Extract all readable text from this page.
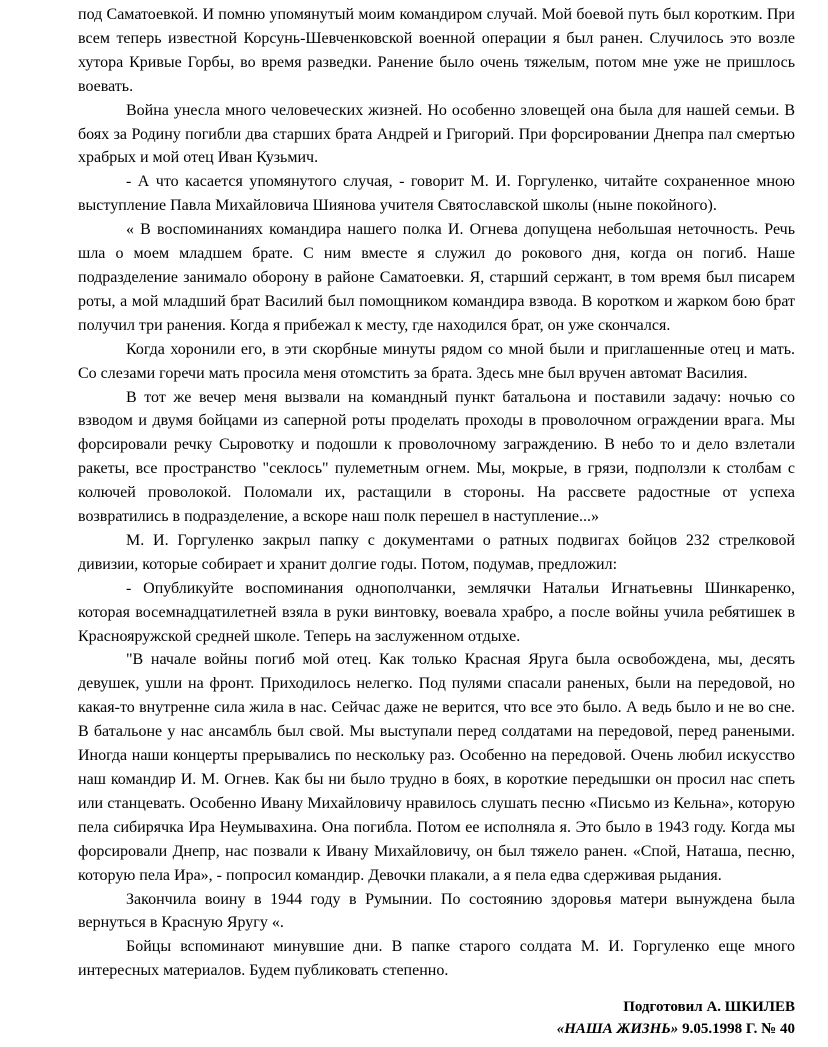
под Саматоевкой. И помню упомянутый моим командиром случай. Мой боевой путь был коротким. При всем теперь известной Корсунь-Шевченковской военной операции я был ранен. Случилось это возле хутора Кривые Горбы, во время разведки. Ранение было очень тяжелым, потом мне уже не пришлось воевать.

Война унесла много человеческих жизней. Но особенно зловещей она была для нашей семьи. В боях за Родину погибли два старших брата Андрей и Григорий. При форсировании Днепра пал смертью храбрых и мой отец Иван Кузьмич.

- А что касается упомянутого случая, - говорит М. И. Горгуленко, читайте сохраненное мною выступление Павла Михайловича Шиянова учителя Святославской школы (ныне покойного).

« В воспоминаниях командира нашего полка И. Огнева допущена небольшая неточность. Речь шла о моем младшем брате. С ним вместе я служил до рокового дня, когда он погиб. Наше подразделение занимало оборону в районе Саматоевки. Я, старший сержант, в том время был писарем роты, а мой младший брат Василий был помощником командира взвода. В коротком и жарком бою брат получил три ранения. Когда я прибежал к месту, где находился брат, он уже скончался.

Когда хоронили его, в эти скорбные минуты рядом со мной были и приглашенные отец и мать. Со слезами горечи мать просила меня отомстить за брата. Здесь мне был вручен автомат Василия.

В тот же вечер меня вызвали на командный пункт батальона и поставили задачу: ночью со взводом и двумя бойцами из саперной роты проделать проходы в проволочном ограждении врага. Мы форсировали речку Сыровотку и подошли к проволочному заграждению. В небо то и дело взлетали ракеты, все пространство "секлось" пулеметным огнем. Мы, мокрые, в грязи, подползли к столбам с колючей проволокой. Поломали их, растащили в стороны. На рассвете радостные от успеха возвратились в подразделение, а вскоре наш полк перешел в наступление...»

М. И. Горгуленко закрыл папку с документами о ратных подвигах бойцов 232 стрелковой дивизии, которые собирает и хранит долгие годы. Потом, подумав, предложил:

- Опубликуйте воспоминания однополчанки, землячки Натальи Игнатьевны Шинкаренко, которая восемнадцатилетней взяла в руки винтовку, воевала храбро, а после войны учила ребятишек в Краснояружской средней школе. Теперь на заслуженном отдыхе.

"В начале войны погиб мой отец. Как только Красная Яруга была освобождена, мы, десять девушек, ушли на фронт. Приходилось нелегко. Под пулями спасали раненых, были на передовой, но какая-то внутренне сила жила в нас. Сейчас даже не верится, что все это было. А ведь было и не во сне. В батальоне у нас ансамбль был свой. Мы выступали перед солдатами на передовой, перед ранеными. Иногда наши концерты прерывались по нескольку раз. Особенно на передовой. Очень любил искусство наш командир И. М. Огнев. Как бы ни было трудно в боях, в короткие передышки он просил нас спеть или станцевать. Особенно Ивану Михайловичу нравилось слушать песню «Письмо из Кельна», которую пела сибирячка Ира Неумывахина. Она погибла. Потом ее исполняла я. Это было в 1943 году. Когда мы форсировали Днепр, нас позвали к Ивану Михайловичу, он был тяжело ранен. «Спой, Наташа, песню, которую пела Ира», - попросил командир. Девочки плакали, а я пела едва сдерживая рыдания.

Закончила воину в 1944 году в Румынии. По состоянию здоровья матери вынуждена была вернуться в Красную Яругу «.

Бойцы вспоминают минувшие дни. В папке старого солдата М. И. Горгуленко еще много интересных материалов. Будем публиковать степенно.

Подготовил А. ШКИЛЕВ
«НАША ЖИЗНЬ» 9.05.1998 Г. № 40
